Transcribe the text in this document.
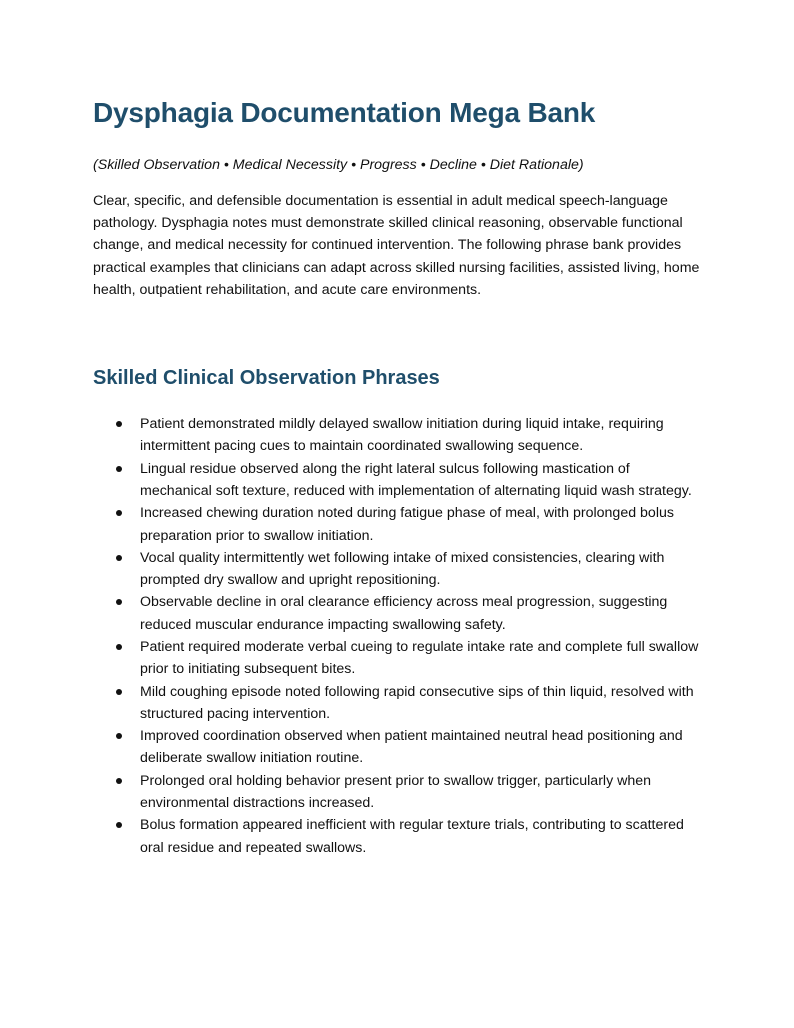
Dysphagia Documentation Mega Bank

(Skilled Observation • Medical Necessity • Progress • Decline • Diet Rationale)

Clear, specific, and defensible documentation is essential in adult medical speech-language pathology. Dysphagia notes must demonstrate skilled clinical reasoning, observable functional change, and medical necessity for continued intervention. The following phrase bank provides practical examples that clinicians can adapt across skilled nursing facilities, assisted living, home health, outpatient rehabilitation, and acute care environments.

Skilled Clinical Observation Phrases
Patient demonstrated mildly delayed swallow initiation during liquid intake, requiring intermittent pacing cues to maintain coordinated swallowing sequence.
Lingual residue observed along the right lateral sulcus following mastication of mechanical soft texture, reduced with implementation of alternating liquid wash strategy.
Increased chewing duration noted during fatigue phase of meal, with prolonged bolus preparation prior to swallow initiation.
Vocal quality intermittently wet following intake of mixed consistencies, clearing with prompted dry swallow and upright repositioning.
Observable decline in oral clearance efficiency across meal progression, suggesting reduced muscular endurance impacting swallowing safety.
Patient required moderate verbal cueing to regulate intake rate and complete full swallow prior to initiating subsequent bites.
Mild coughing episode noted following rapid consecutive sips of thin liquid, resolved with structured pacing intervention.
Improved coordination observed when patient maintained neutral head positioning and deliberate swallow initiation routine.
Prolonged oral holding behavior present prior to swallow trigger, particularly when environmental distractions increased.
Bolus formation appeared inefficient with regular texture trials, contributing to scattered oral residue and repeated swallows.
